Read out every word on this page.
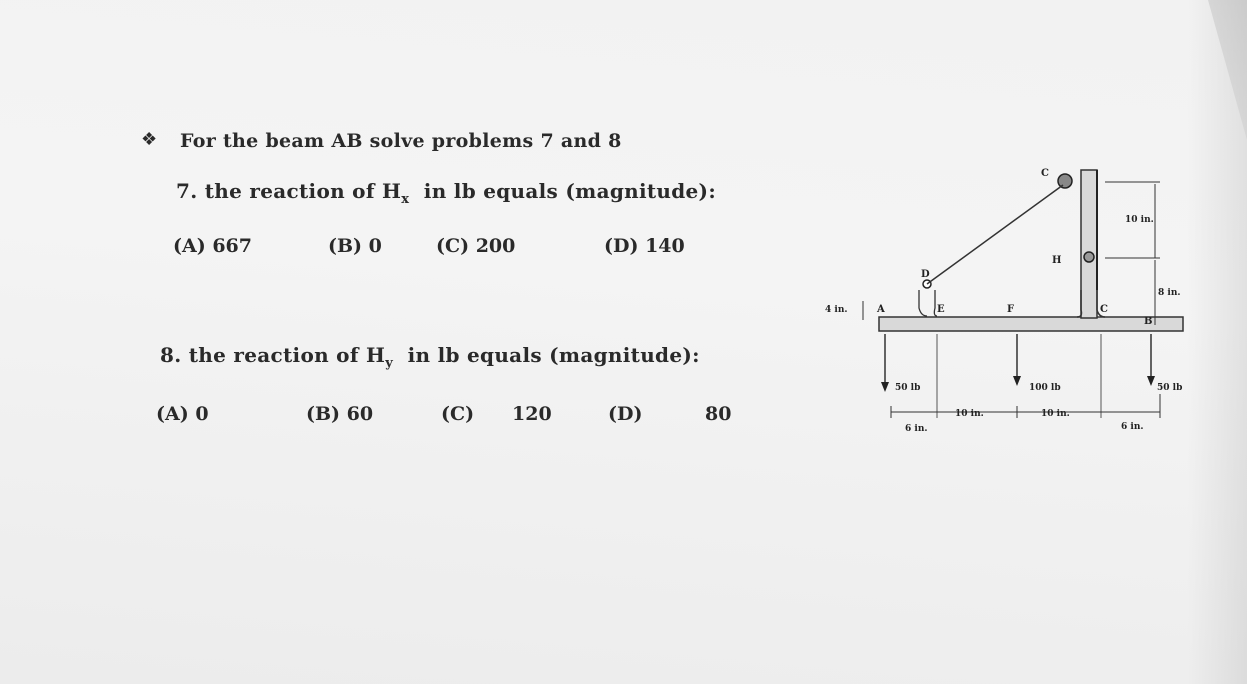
❖ For the beam AB solve problems 7 and 8
7. the reaction of $H_x$  in lb equals (magnitude):
(A) 667	(B) 0	(C) 200	(D) 140
8. the reaction of $H_y$  in lb equals (magnitude):
(A) 0	(B) 60	(C) 120	(D)	80
C
D
H
A	E	F	C
B
4 in.
10 in.
8 in.
50 lb	100 lb	50 lb
6 in.
10 in.	10 in.
6 in.
